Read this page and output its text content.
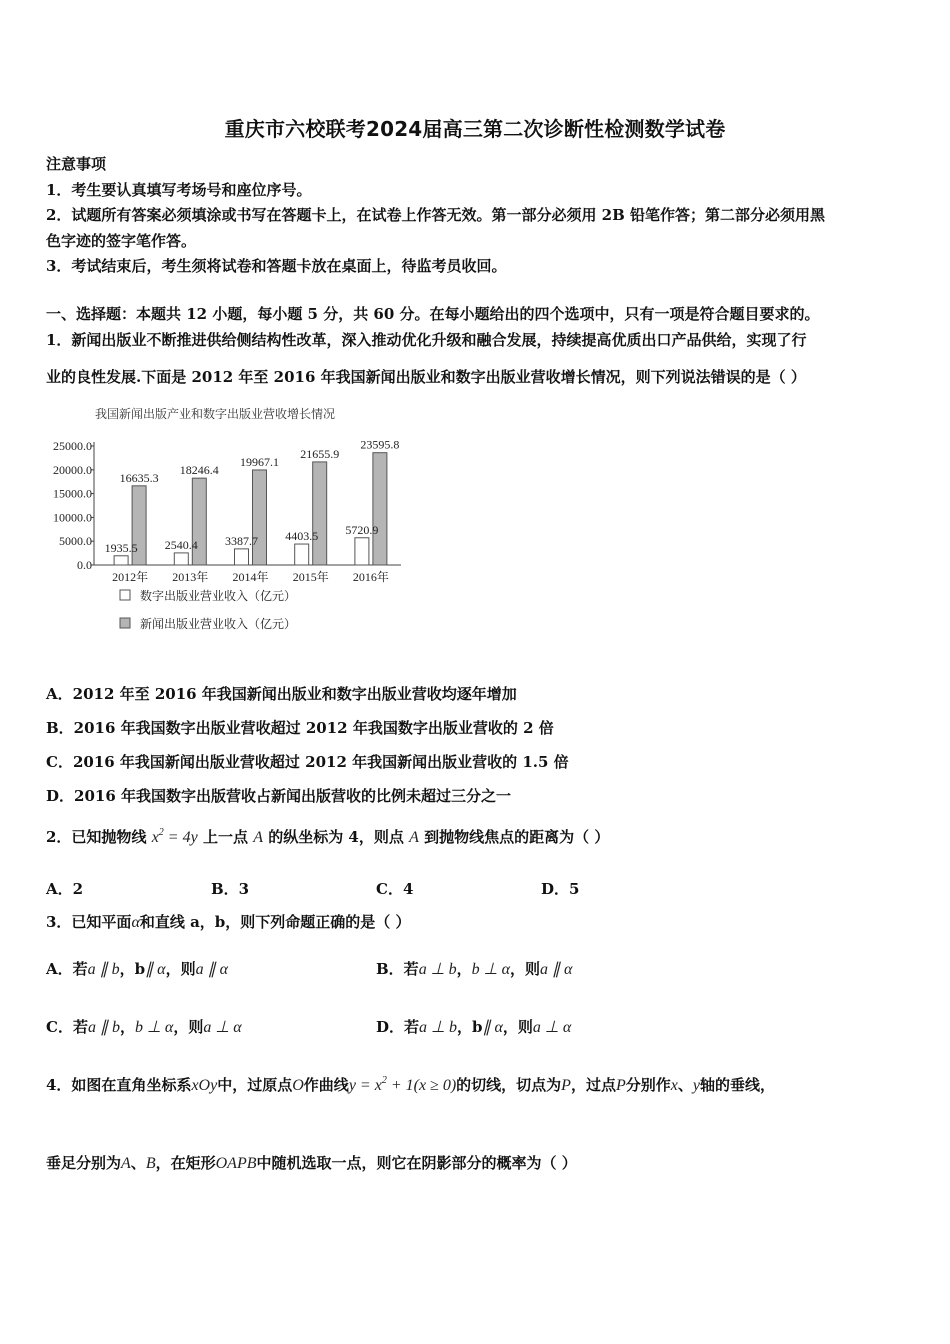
重庆市六校联考2024届高三第二次诊断性检测数学试卷
注意事项
1．考生要认真填写考场号和座位序号。
2．试题所有答案必须填涂或书写在答题卡上，在试卷上作答无效。第一部分必须用 2B 铅笔作答；第二部分必须用黑
色字迹的签字笔作答。
3．考试结束后，考生须将试卷和答题卡放在桌面上，待监考员收回。
一、选择题：本题共 12 小题，每小题 5 分，共 60 分。在每小题给出的四个选项中，只有一项是符合题目要求的。
1．新闻出版业不断推进供给侧结构性改革，深入推动优化升级和融合发展，持续提高优质出口产品供给，实现了行
业的良性发展.下面是 2012 年至 2016 年我国新闻出版业和数字出版业营收增长情况，则下列说法错误的是（ ）
我国新闻出版产业和数字出版业营收增长情况
25000.0
20000.0
15000.0
10000.0
5000.0
0.0
1935.5
16635.3
2012年
2540.4
18246.4
2013年
3387.7
19967.1
2014年
4403.5
21655.9
2015年
5720.9
23595.8
2016年
数字出版业营业收入（亿元）
新闻出版业营业收入（亿元）
A．2012 年至 2016 年我国新闻出版业和数字出版业营收均逐年增加
B．2016 年我国数字出版业营收超过 2012 年我国数字出版业营收的 2 倍
C．2016 年我国新闻出版业营收超过 2012 年我国新闻出版业营收的 1.5 倍
D．2016 年我国数字出版营收占新闻出版营收的比例未超过三分之一
2．已知抛物线 $x^2 = 4y$ 上一点 A 的纵坐标为 4，则点 A 到抛物线焦点的距离为（ ）
A．2	B．3	C．4	D．5
3．已知平面α和直线 a，b，则下列命题正确的是（ ）
A．若a ∥ b，b∥ α，则a ∥ α	B．若a ⊥ b，b ⊥ α，则a ∥ α
C．若a ∥ b，b ⊥ α，则a ⊥ α	D．若a ⊥ b，b∥ α，则a ⊥ α
4．如图在直角坐标系xOy中，过原点O作曲线$y = x^2 + 1(x \ge 0)$的切线，切点为P，过点P分别作x、y轴的垂线，
垂足分别为A、B，在矩形OAPB中随机选取一点，则它在阴影部分的概率为（ ）
